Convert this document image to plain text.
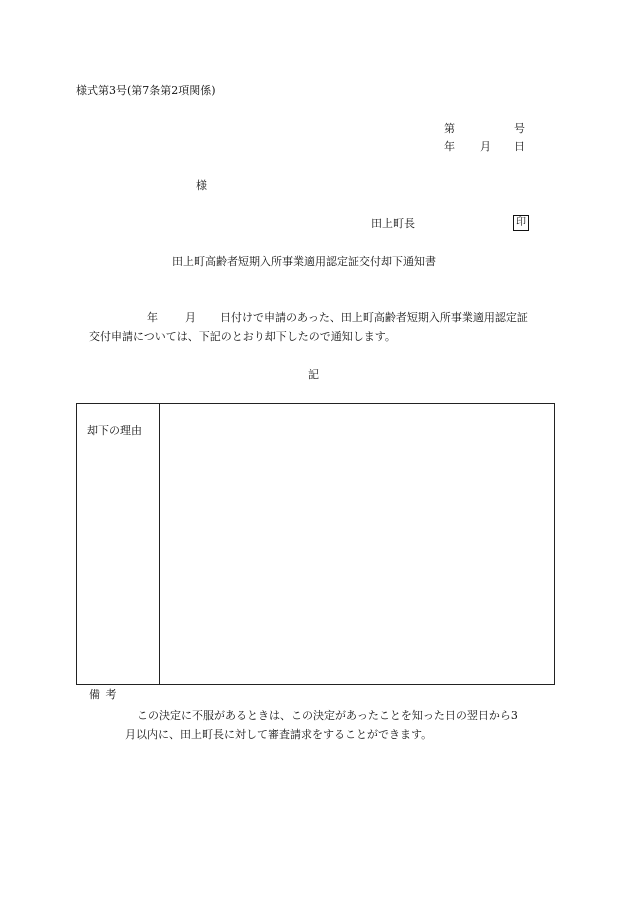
様式第3号(第7条第2項関係)
第	号
年 月 日
様
田上町長	印
田上町高齢者短期入所事業適用認定証交付却下通知書
年 月 日付けで申請のあった、田上町高齢者短期入所事業適用認定証
交付申請については、下記のとおり却下したので通知します。
記
却下の理由
備考
この決定に不服があるときは、この決定があったことを知った日の翌日から3
月以内に、田上町長に対して審査請求をすることができます。
